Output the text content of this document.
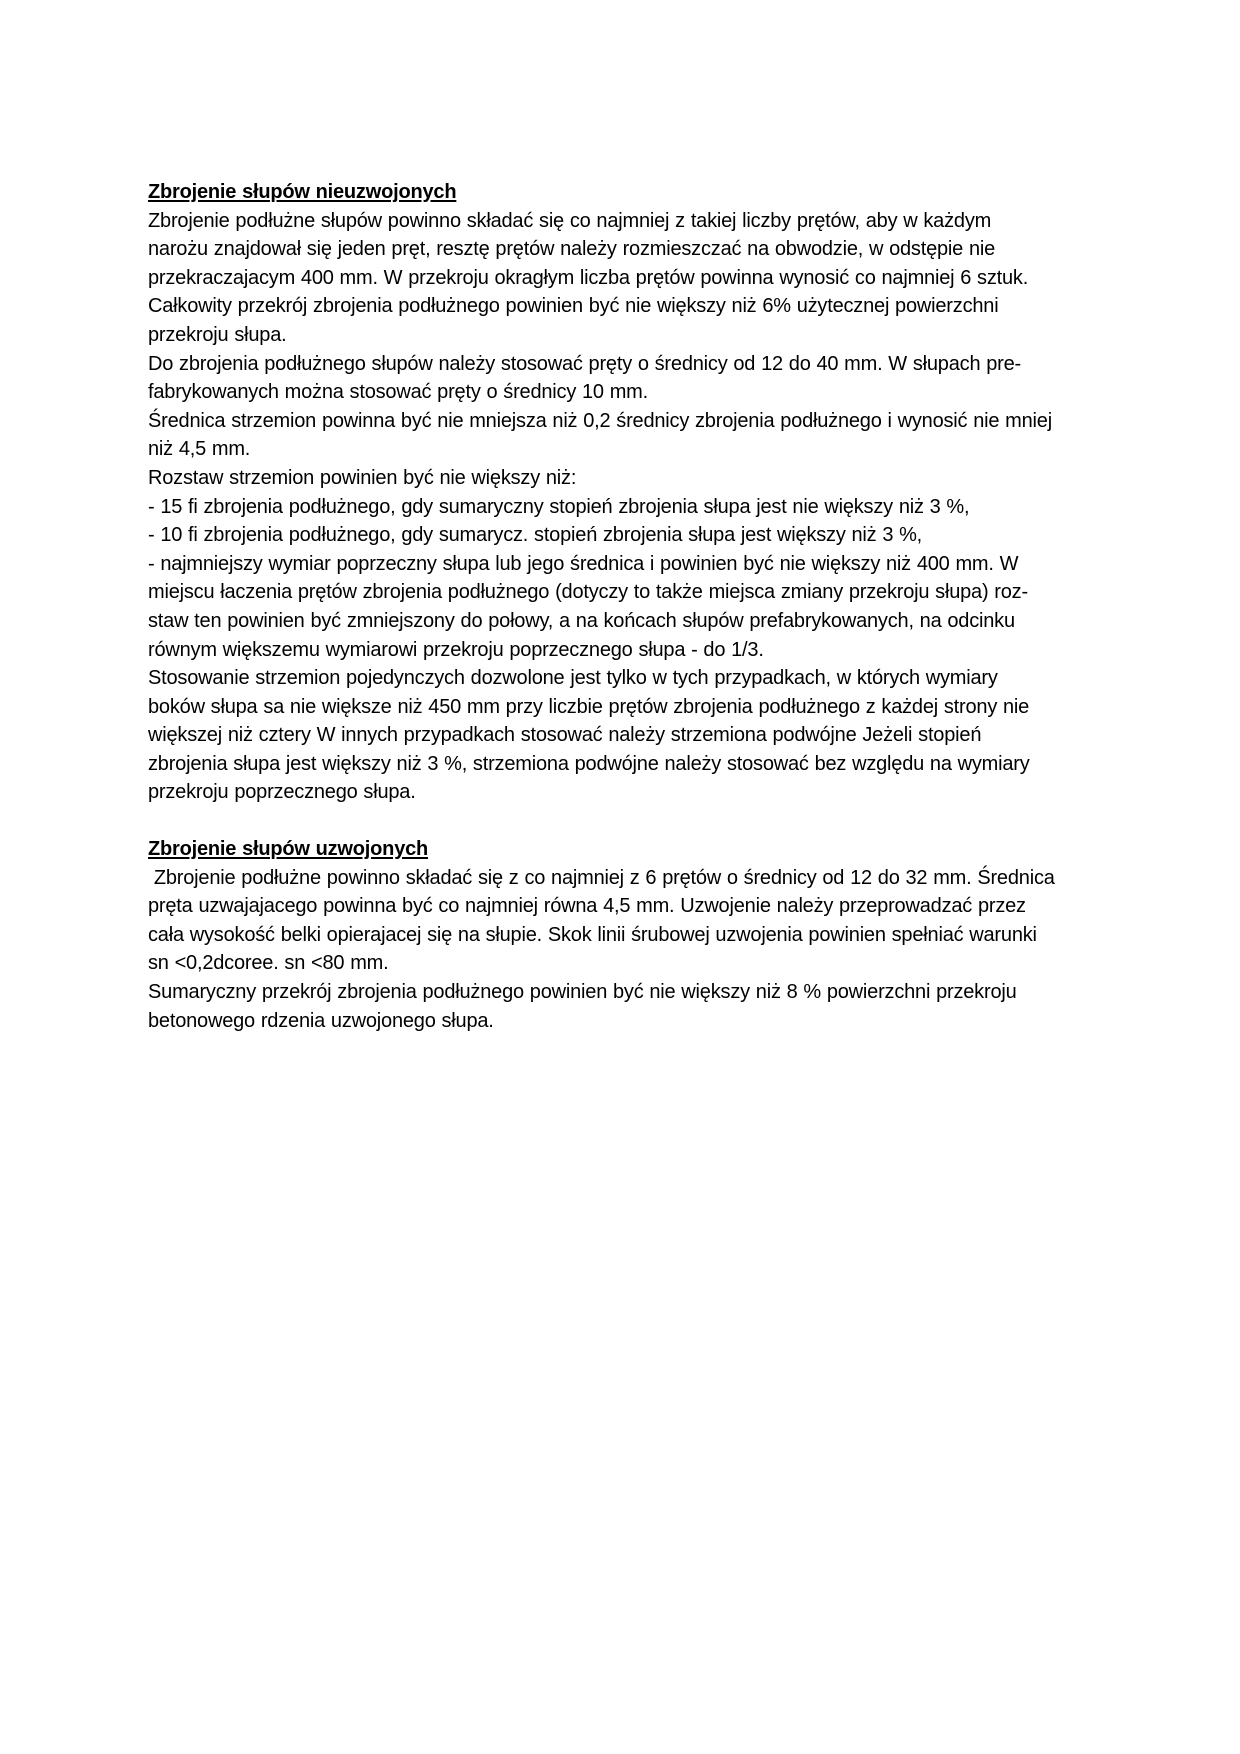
Zbrojenie słupów nieuzwojonych
Zbrojenie podłużne słupów powinno składać się co najmniej z takiej liczby prętów, aby w każdym
narożu znajdował się jeden pręt, resztę prętów należy rozmieszczać na obwodzie, w odstępie nie
przekraczajacym 400 mm. W przekroju okragłym liczba prętów powinna wynosić co najmniej 6 sztuk.
Całkowity przekrój zbrojenia podłużnego powinien być nie większy niż 6% użytecznej powierzchni
przekroju słupa.
Do zbrojenia podłużnego słupów należy stosować pręty o średnicy od 12 do 40 mm. W słupach pre-
fabrykowanych można stosować pręty o średnicy 10 mm.
Średnica strzemion powinna być nie mniejsza niż 0,2 średnicy zbrojenia podłużnego i wynosić nie mniej
niż 4,5 mm.
Rozstaw strzemion powinien być nie większy niż:
- 15 fi zbrojenia podłużnego, gdy sumaryczny stopień zbrojenia słupa jest nie większy niż 3 %,
- 10 fi zbrojenia podłużnego, gdy sumarycz. stopień zbrojenia słupa jest większy niż 3 %,
- najmniejszy wymiar poprzeczny słupa lub jego średnica i powinien być nie większy niż 400 mm. W
miejscu łaczenia prętów zbrojenia podłużnego (dotyczy to także miejsca zmiany przekroju słupa) roz-
staw ten powinien być zmniejszony do połowy, a na końcach słupów prefabrykowanych, na odcinku
równym większemu wymiarowi przekroju poprzecznego słupa - do 1/3.
Stosowanie strzemion pojedynczych dozwolone jest tylko w tych przypadkach, w których wymiary
boków słupa sa nie większe niż 450 mm przy liczbie prętów zbrojenia podłużnego z każdej strony nie
większej niż cztery W innych przypadkach stosować należy strzemiona podwójne Jeżeli stopień
zbrojenia słupa jest większy niż 3 %, strzemiona podwójne należy stosować bez względu na wymiary
przekroju poprzecznego słupa.
Zbrojenie słupów uzwojonych
Zbrojenie podłużne powinno składać się z co najmniej z 6 prętów o średnicy od 12 do 32 mm. Średnica
pręta uzwajajacego powinna być co najmniej równa 4,5 mm. Uzwojenie należy przeprowadzać przez
cała wysokość belki opierajacej się na słupie. Skok linii śrubowej uzwojenia powinien spełniać warunki
sn <0,2dcoree. sn <80 mm.
Sumaryczny przekrój zbrojenia podłużnego powinien być nie większy niż 8 % powierzchni przekroju
betonowego rdzenia uzwojonego słupa.
